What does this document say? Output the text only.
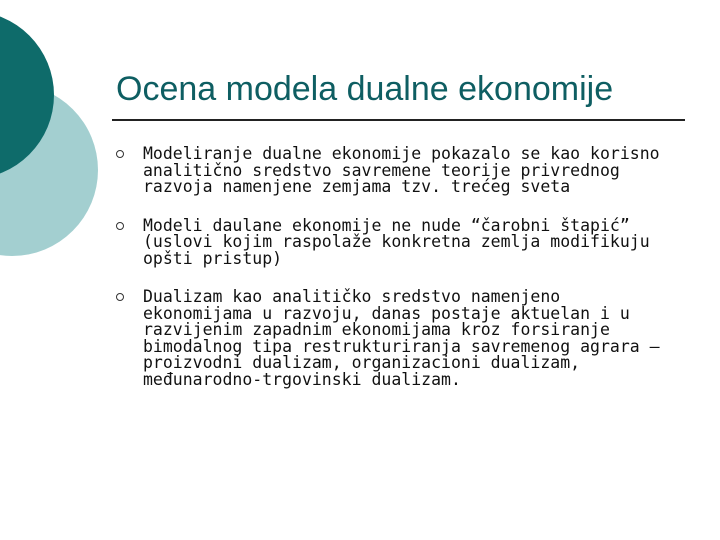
Ocena modela dualne ekonomije
Modeliranje dualne ekonomije pokazalo se kao korisno analitično sredstvo savremene teorije privrednog razvoja namenjene zemjama tzv. trećeg sveta
Modeli daulane ekonomije ne nude “čarobni štapić” (uslovi kojim raspolaže konkretna zemlja modifikuju opšti pristup)
Dualizam kao analitičko sredstvo namenjeno ekonomijama u razvoju, danas postaje aktuelan i u razvijenim zapadnim ekonomijama kroz forsiranje bimodalnog tipa restrukturiranja savremenog agrara – proizvodni dualizam, organizacioni dualizam, međunarodno-trgovinski dualizam.
